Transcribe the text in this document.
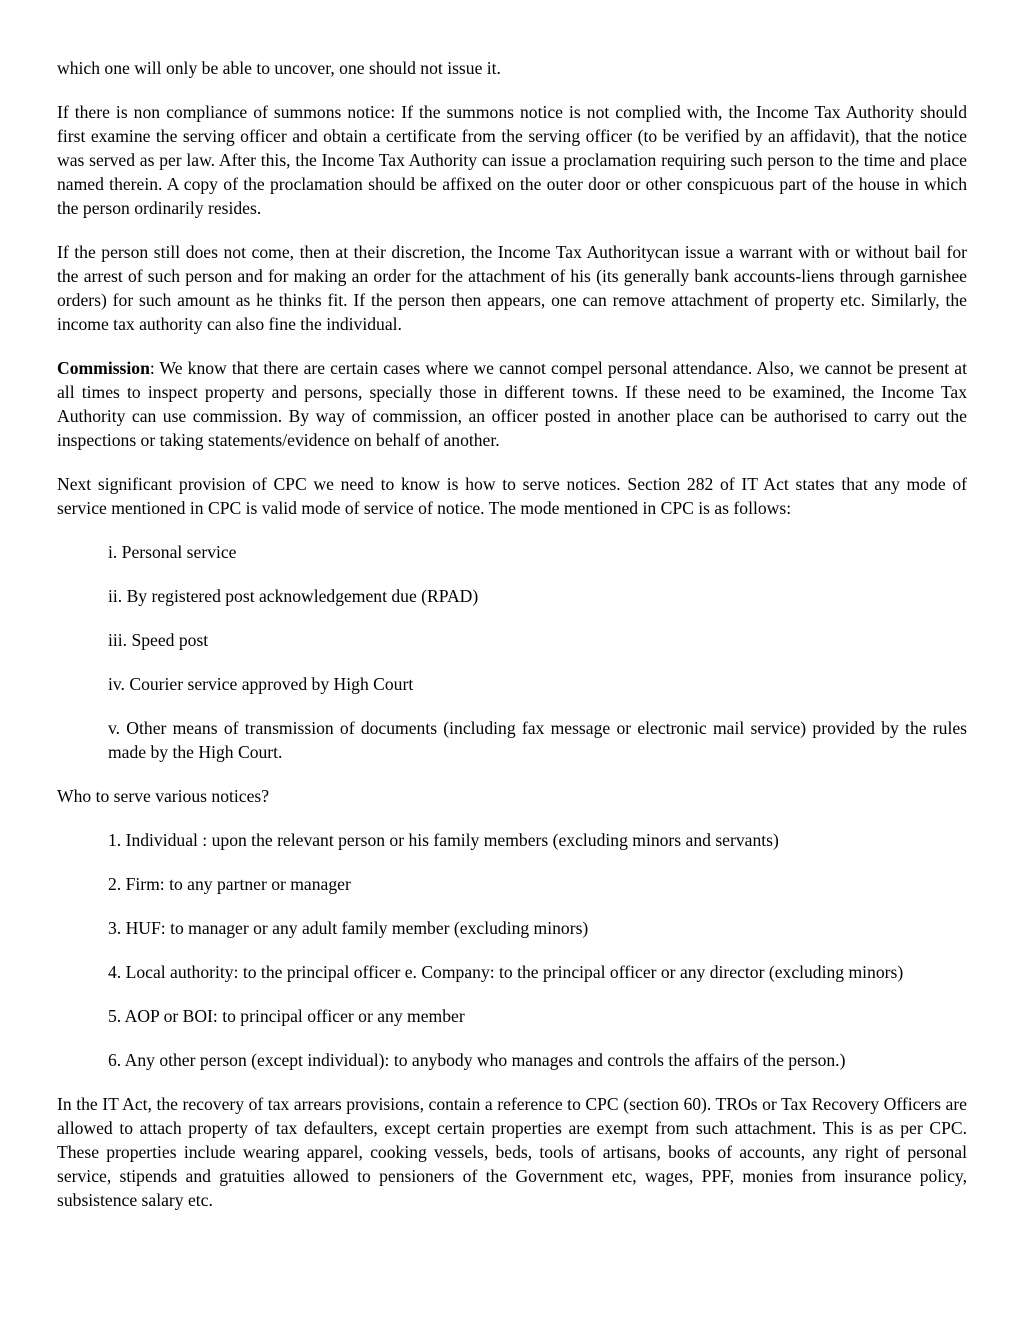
which one will only be able to uncover, one should not issue it.

If there is non compliance of summons notice: If the summons notice is not complied with, the Income Tax Authority should first examine the serving officer and obtain a certificate from the serving officer (to be verified by an affidavit), that the notice was served as per law. After this, the Income Tax Authority can issue a proclamation requiring such person to the time and place named therein. A copy of the proclamation should be affixed on the outer door or other conspicuous part of the house in which the person ordinarily resides.

If the person still does not come, then at their discretion, the Income Tax Authoritycan issue a warrant with or without bail for the arrest of such person and for making an order for the attachment of his (its generally bank accounts-liens through garnishee orders) for such amount as he thinks fit. If the person then appears, one can remove attachment of property etc. Similarly, the income tax authority can also fine the individual.

Commission: We know that there are certain cases where we cannot compel personal attendance. Also, we cannot be present at all times to inspect property and persons, specially those in different towns. If these need to be examined, the Income Tax Authority can use commission. By way of commission, an officer posted in another place can be authorised to carry out the inspections or taking statements/evidence on behalf of another.

Next significant provision of CPC we need to know is how to serve notices. Section 282 of IT Act states that any mode of service mentioned in CPC is valid mode of service of notice. The mode mentioned in CPC is as follows:

i. Personal service

ii. By registered post acknowledgement due (RPAD)

iii. Speed post

iv. Courier service approved by High Court

v. Other means of transmission of documents (including fax message or electronic mail service) provided by the rules made by the High Court.

Who to serve various notices?

1. Individual : upon the relevant person or his family members (excluding minors and servants)

2. Firm: to any partner or manager

3. HUF: to manager or any adult family member (excluding minors)

4. Local authority: to the principal officer e. Company: to the principal officer or any director (excluding minors)

5. AOP or BOI: to principal officer or any member

6. Any other person (except individual): to anybody who manages and controls the affairs of the person.)

In the IT Act, the recovery of tax arrears provisions, contain a reference to CPC (section 60). TROs or Tax Recovery Officers are allowed to attach property of tax defaulters, except certain properties are exempt from such attachment. This is as per CPC. These properties include wearing apparel, cooking vessels, beds, tools of artisans, books of accounts, any right of personal service, stipends and gratuities allowed to pensioners of the Government etc, wages, PPF, monies from insurance policy, subsistence salary etc.
